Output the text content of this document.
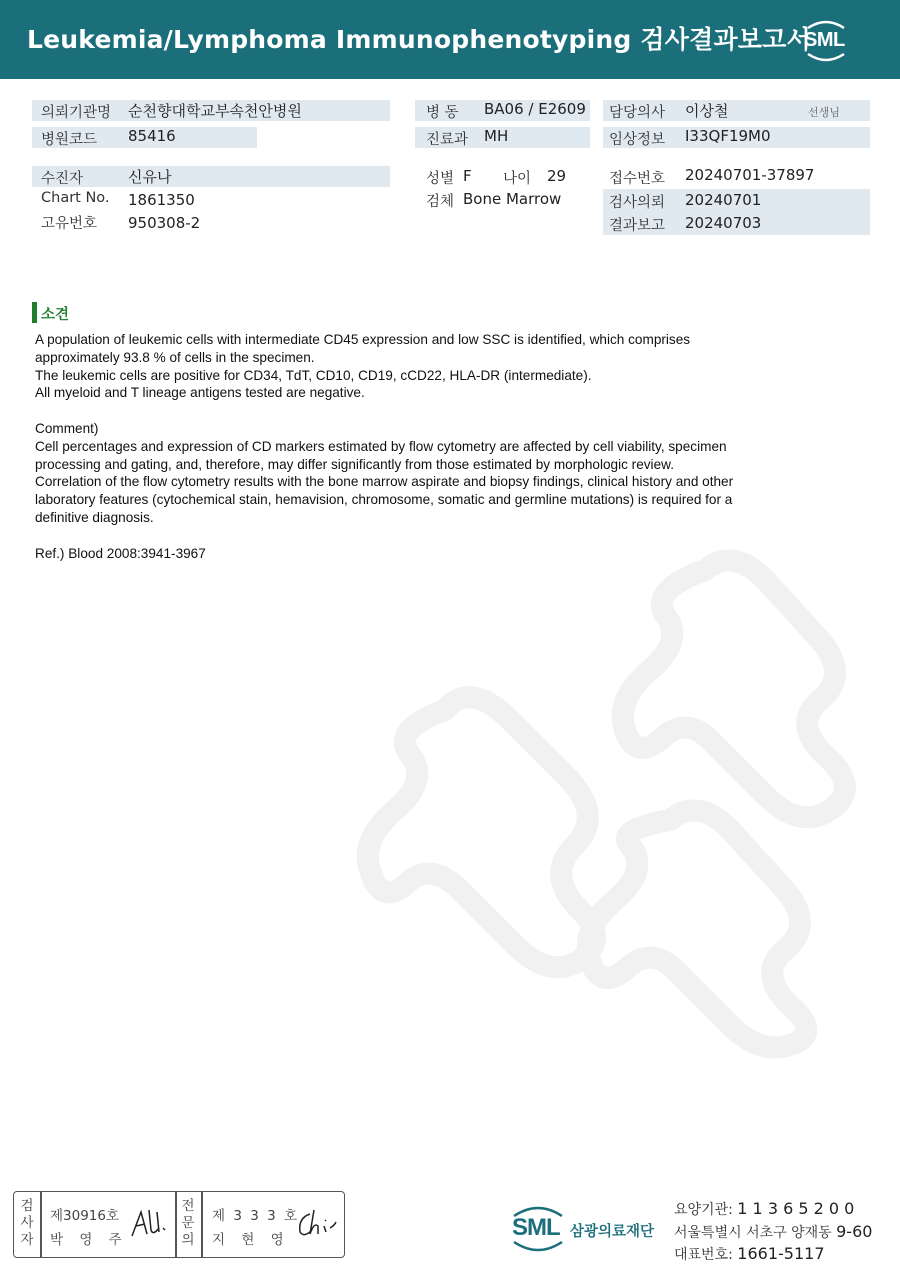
Leukemia/Lymphoma Immunophenotyping 검사결과보고서
SML
의뢰기관명 순천향대학교부속천안병원	병 동 BA06 / E2609 담당의사 이상철	선생님
병원코드 85416	진료과 MH	임상정보 I33QF19M0
수진자	신유나	성별 F 나이 29	접수번호 20240701-37897
Chart No. 1861350	검체 Bone Marrow	검사의뢰 20240701
고유번호 950308-2	결과보고 20240703
소견

A population of leukemic cells with intermediate CD45 expression and low SSC is identified, which comprises

approximately 93.8 % of cells in the specimen.

The leukemic cells are positive for CD34, TdT, CD10, CD19, cCD22, HLA-DR (intermediate).

All myeloid and T lineage antigens tested are negative.

Comment)

Cell percentages and expression of CD markers estimated by flow cytometry are affected by cell viability, specimen

processing and gating, and, therefore, may differ significantly from those estimated by morphologic review.

Correlation of the flow cytometry results with the bone marrow aspirate and biopsy findings, clinical history and other

laboratory features (cytochemical stain, hemavision, chromosome, somatic and germline mutations) is required for a

definitive diagnosis.

Ref.) Blood 2008:3941-3967

검
사
자
제30916호
박 영 주
전
문
의
제 3 3 3 호
지 현 영	SML 삼광의료재단
요양기관: 1 1 3 6 5 2 0 0
서울특별시 서초구 양재동 9-60
대표번호: 1661-5117
